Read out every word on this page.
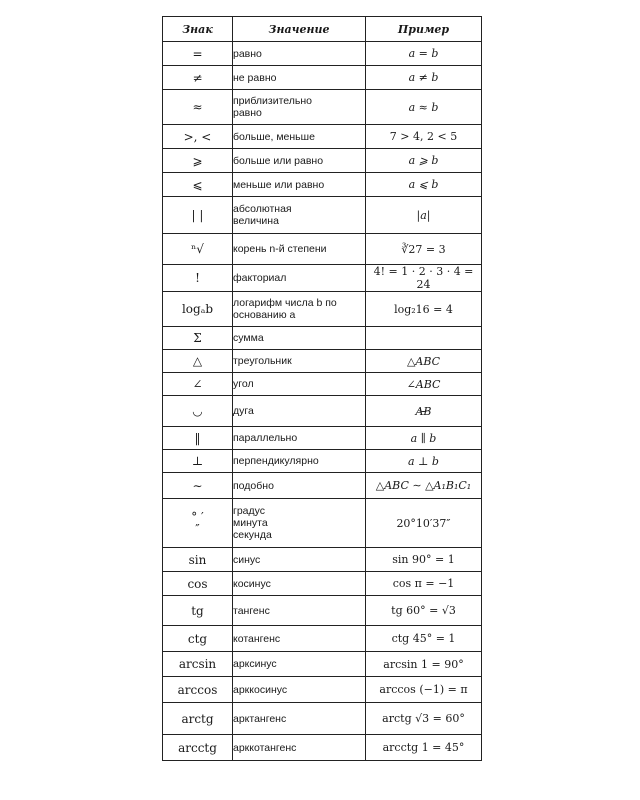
Знак	Значение	Пример
=	равно	a = b
≠	не равно	a ≠ b
≈	приблизительно равно	a ≈ b
>, <	больше, меньше	7 > 4, 2 < 5
⩾	больше или равно	a ⩾ b
⩽	меньше или равно	a ⩽ b
| |	абсолютная величина	|a|
ⁿ√	корень n-й степени	∛27 = 3
!	факториал	4! = 1 · 2 · 3 · 4 = 24
logₐb	логарифм числа b по основанию a	log₂16 = 4
Σ	сумма	
△	треугольник	△ABC
∠	угол	∠ABC
◡	дуга	‿ AB
‖	параллельно	a ∥ b
⊥	перпендикулярно	a ⊥ b
∼	подобно	△ABC ∼ △A₁B₁C₁
° ′ ″	градус минута секунда	20°10′37″
sin	синус	sin 90° = 1
cos	косинус	cos π = −1
tg	тангенс	tg 60° = √3
ctg	котангенс	ctg 45° = 1
arcsin	арксинус	arcsin 1 = 90°
arccos	арккосинус	arccos (−1) = π
arctg	арктангенс	arctg √3 = 60°
arcctg	арккотангенс	arcctg 1 = 45°
